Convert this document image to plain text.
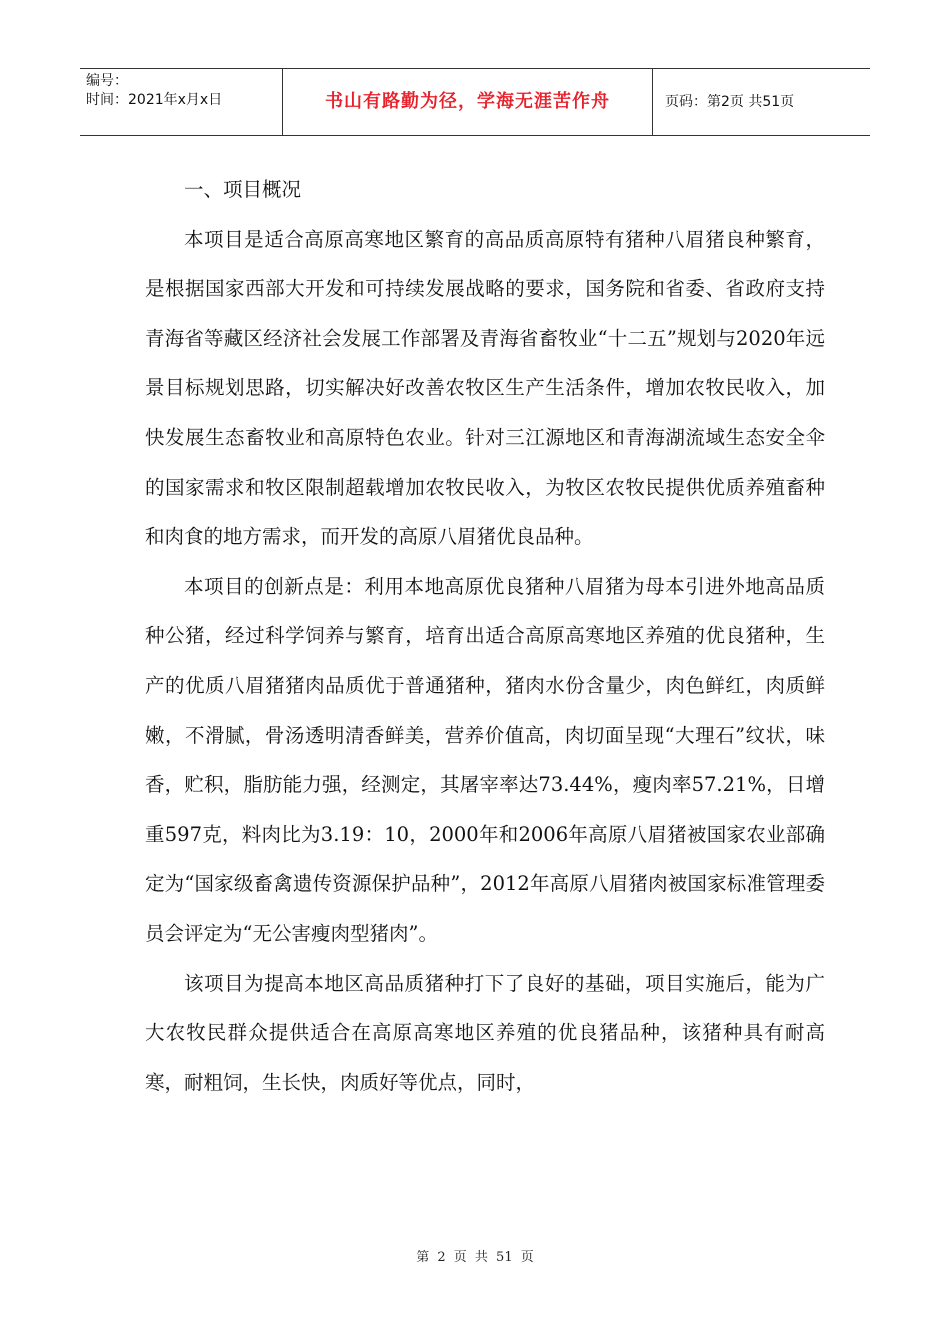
编号：
时间：2021年x月x日	书山有路勤为径，学海无涯苦作舟	页码：第2页 共51页

一、项目概况

本项目是适合高原高寒地区繁育的高品质高原特有猪种八眉猪良种繁育，是根据国家西部大开发和可持续发展战略的要求，国务院和省委、省政府支持青海省等藏区经济社会发展工作部署及青海省畜牧业“十二五”规划与2020年远景目标规划思路，切实解决好改善农牧区生产生活条件，增加农牧民收入，加快发展生态畜牧业和高原特色农业。针对三江源地区和青海湖流域生态安全伞的国家需求和牧区限制超载增加农牧民收入，为牧区农牧民提供优质养殖畜种和肉食的地方需求，而开发的高原八眉猪优良品种。

本项目的创新点是：利用本地高原优良猪种八眉猪为母本引进外地高品质种公猪，经过科学饲养与繁育，培育出适合高原高寒地区养殖的优良猪种，生产的优质八眉猪猪肉品质优于普通猪种，猪肉水份含量少，肉色鲜红，肉质鲜嫩，不滑腻，骨汤透明清香鲜美，营养价值高，肉切面呈现“大理石”纹状，味香，贮积，脂肪能力强，经测定，其屠宰率达73.44%，瘦肉率57.21%，日增重597克，料肉比为3.19：10，2000年和2006年高原八眉猪被国家农业部确定为“国家级畜禽遗传资源保护品种”，2012年高原八眉猪肉被国家标准管理委员会评定为“无公害瘦肉型猪肉”。

该项目为提高本地区高品质猪种打下了良好的基础，项目实施后，能为广大农牧民群众提供适合在高原高寒地区养殖的优良猪品种，该猪种具有耐高寒，耐粗饲，生长快，肉质好等优点，同时，

第 2 页 共 51 页
